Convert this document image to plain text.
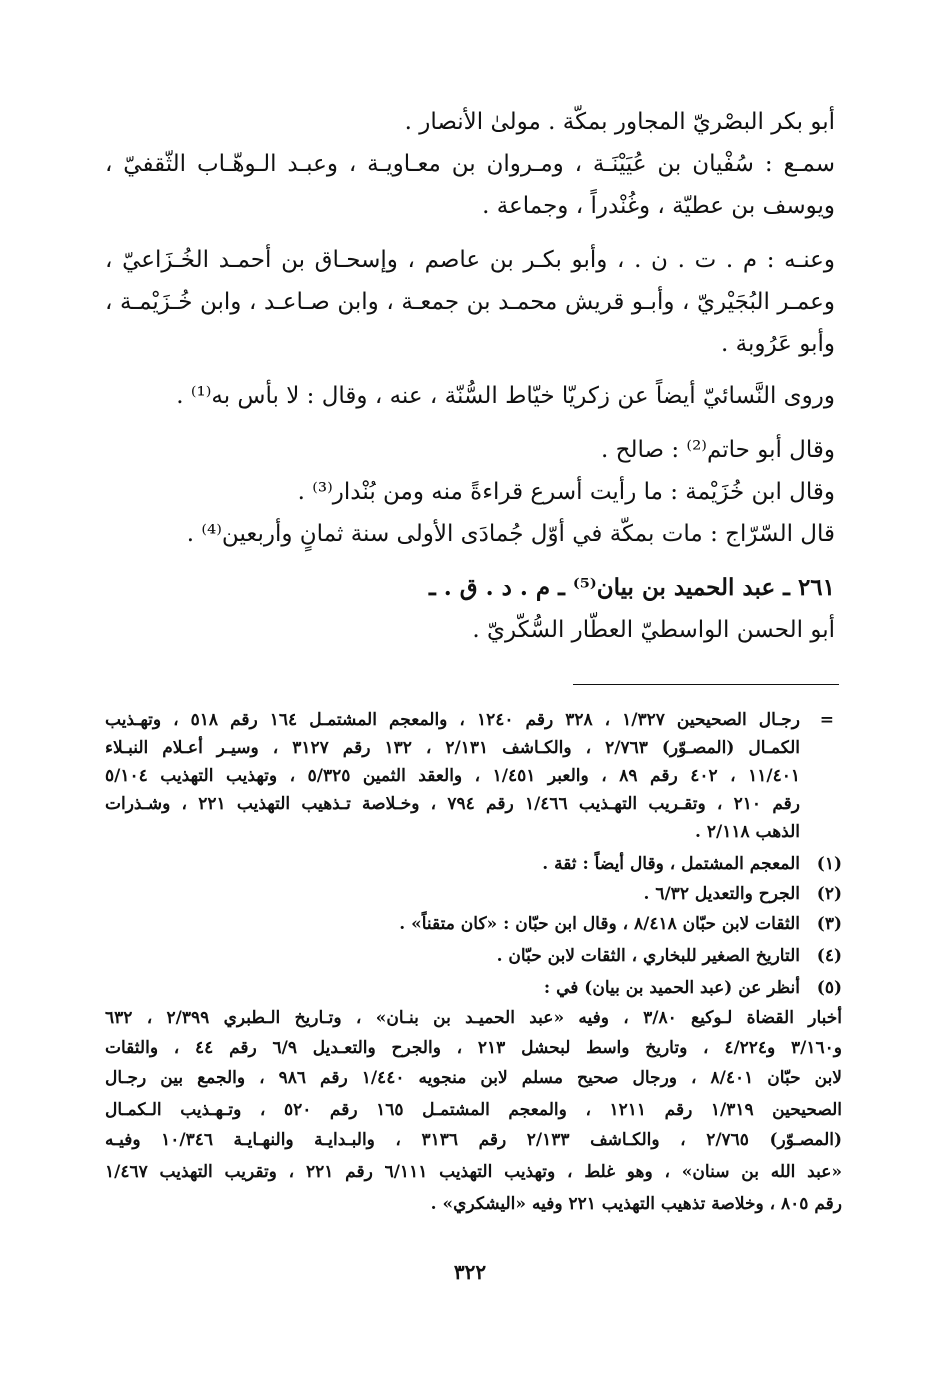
أبو بكر البصْريّ المجاور بمكّة . مولىٰ الأنصار .
سمـع : سُفْيان بن عُيَيْنَـة ، ومـروان بن معـاويـة ، وعبـد الـوهّـاب الثّقفيّ ،
ويوسف بن عطيّة ، وغُنْدراً ، وجماعة .
وعنـه : م . ت . ن . ، وأبو بكـر بن عاصم ، وإسحـاق بن أحمـد الخُـزَاعيّ ،
وعمـر البُجَيْريّ ، وأبـو قريش محمـد بن جمعـة ، وابن صـاعـد ، وابن خُـزَيْمـة ،
وأبو عَرُوبة .
وروى النَّسائيّ أيضاً عن زكريّا خيّاط السُّنّة ، عنه ، وقال : لا بأس به⁽¹⁾ .
وقال أبو حاتم⁽²⁾ : صالح .
وقال ابن خُزَيْمة : ما رأيت أسرع قراءةً منه ومن بُنْدار⁽³⁾ .
قال السّرّاج : مات بمكّة في أوّل جُمادَى الأولى سنة ثمانٍ وأربعين⁽⁴⁾ .
٢٦١ ـ عبد الحميد بن بيان⁽⁵⁾ ـ م . د . ق . ـ
أبو الحسن الواسطيّ العطّار السُّكّريّ .
=
رجـال الصحيحين ١/٣٢٧ ، ٣٢٨ رقم ١٢٤٠ ، والمعجم المشتمـل ١٦٤ رقم ٥١٨ ، وتهـذيب
الكمـال (المصـوّر) ٢/٧٦٣ ، والكـاشف ٢/١٣١ ، ١٣٢ رقم ٣١٢٧ ، وسيـر أعـلام النبـلاء
١١/٤٠١ ، ٤٠٢ رقم ٨٩ ، والعبر ١/٤٥١ ، والعقد الثمين ٥/٣٢٥ ، وتهذيب التهذيب ٥/١٠٤
رقم ٢١٠ ، وتقـريب التهـذيب ١/٤٦٦ رقم ٧٩٤ ، وخـلاصة تـذهيب التهذيب ٢٢١ ، وشـذرات
الذهب ٢/١١٨ .
(١)
المعجم المشتمل ، وقال أيضاً : ثقة .
(٢)
الجرح والتعديل ٦/٣٢ .
(٣)
الثقات لابن حبّان ٨/٤١٨ ، وقال ابن حبّان : «كان متقناً» .
(٤)
التاريخ الصغير للبخاري ، الثقات لابن حبّان .
(٥)
أنظر عن (عبد الحميد بن بيان) في :
أخبار القضاة لـوكيع ٣/٨٠ ، وفيه «عبد الحميـد بن بنـان» ، وتـاريخ الـطبري ٢/٣٩٩ ، ٦٣٢
و٣/١٦٠ و٤/٢٢٤ ، وتاريخ واسط لبحشل ٢١٣ ، والجرح والتعـديل ٦/٩ رقم ٤٤ ، والثقات
لابن حبّان ٨/٤٠١ ، ورجال صحيح مسلم لابن منجويه ١/٤٤٠ رقم ٩٨٦ ، والجمع بين رجـال
الصحيحين ١/٣١٩ رقم ١٢١١ ، والمعجم المشتمـل ١٦٥ رقم ٥٢٠ ، وتـهـذيب الـكمـال
(المصـوّر) ٢/٧٦٥ ، والكـاشف ٢/١٣٣ رقم ٣١٣٦ ، والبـدايـة والنهـايـة ١٠/٣٤٦ وفيـه
«عبد الله بن سنان» ، وهو غلط ، وتهذيب التهذيب ٦/١١١ رقم ٢٢١ ، وتقريب التهذيب ١/٤٦٧
رقم ٨٠٥ ، وخلاصة تذهيب التهذيب ٢٢١ وفيه «اليشكري» .
٣٢٢
